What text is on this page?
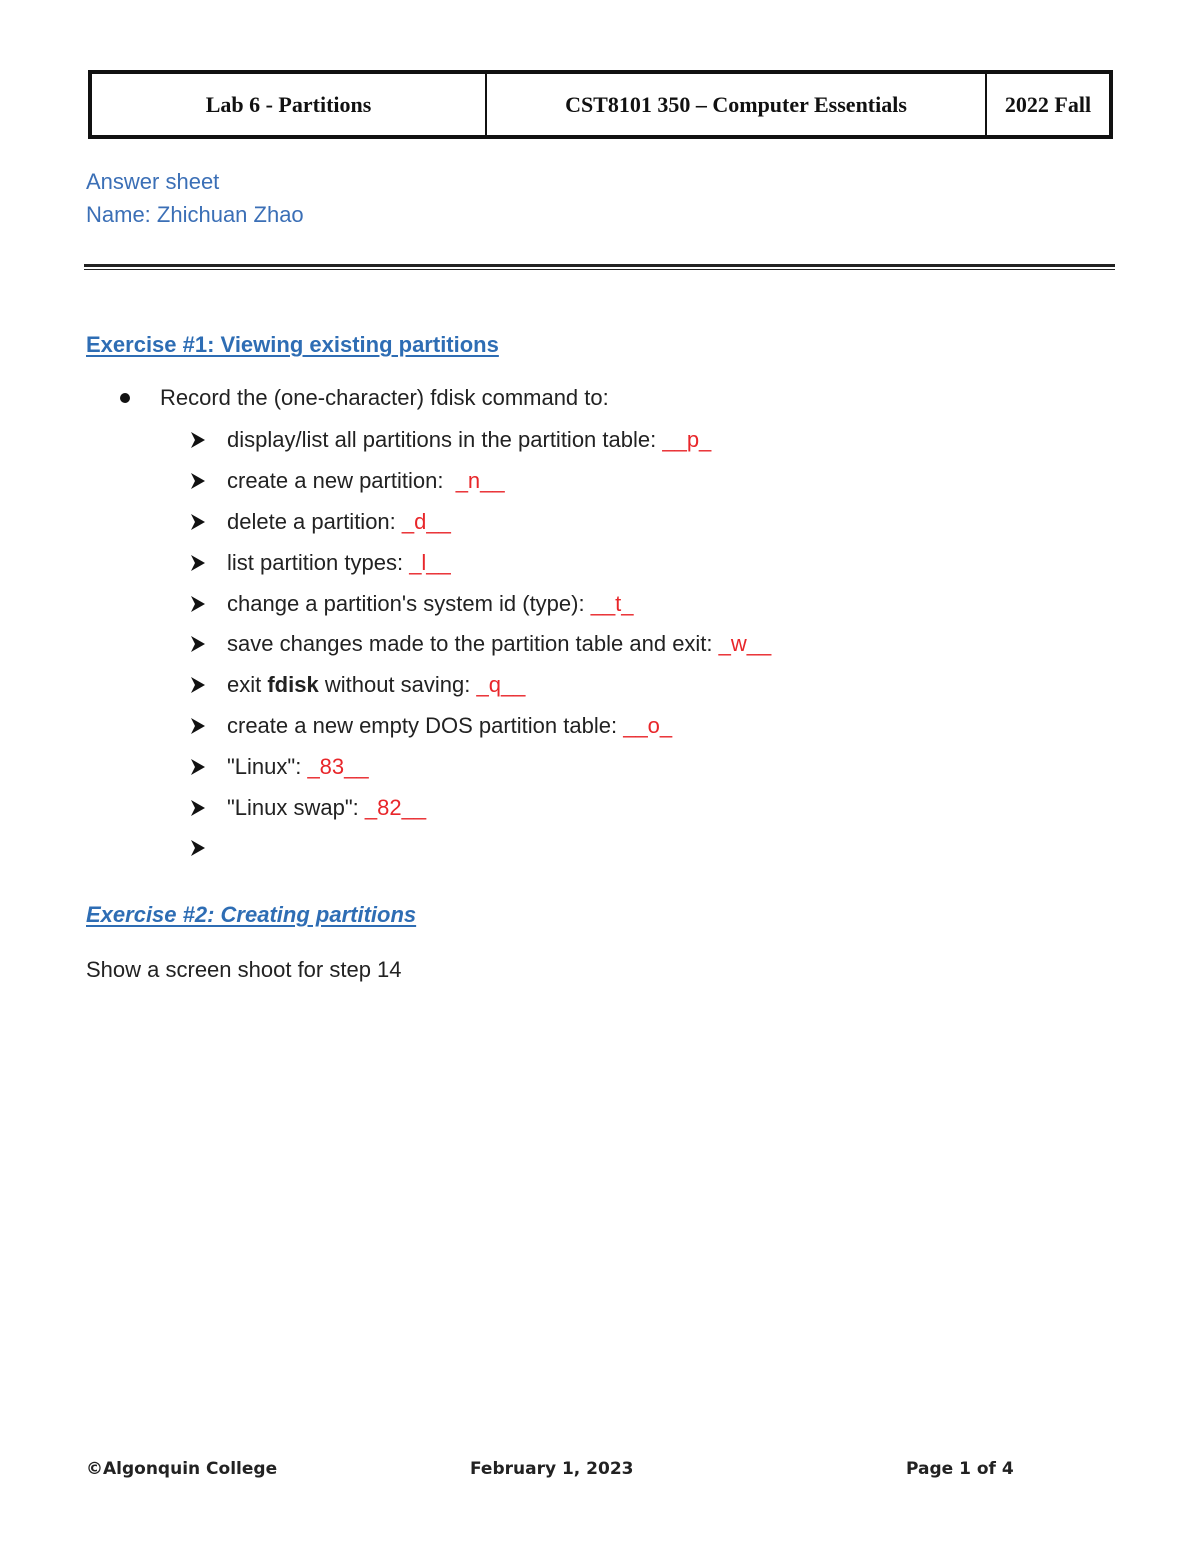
Lab 6 - Partitions	CST8101 350 – Computer Essentials	2022 Fall
Answer sheet
Name: Zhichuan Zhao
Exercise #1: Viewing existing partitions
Record the (one-character) fdisk command to:
display/list all partitions in the partition table: __p_
create a new partition: _n__
delete a partition: _d__
list partition types: _l__
change a partition's system id (type): __t_
save changes made to the partition table and exit: _w__
exit fdisk without saving: _q__
create a new empty DOS partition table: __o_
"Linux": _83__
"Linux swap": _82__
Exercise #2: Creating partitions
Show a screen shoot for step 14
©Algonquin College	February 1, 2023	Page 1 of 4
